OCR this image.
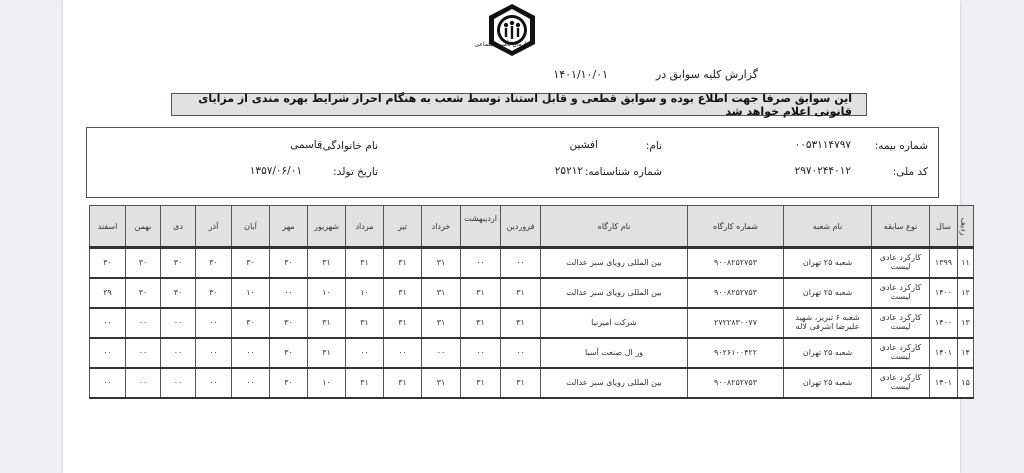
سازمان تأمین اجتماعی
گزارش کلیه سوابق در
۱۴۰۱/۱۰/۰۱
این سوابق صرفا جهت اطلاع بوده و سوابق قطعی و قابل استناد توسط شعب به هنگام احراز شرایط بهره مندی از مزایای قانونی اعلام خواهد شد
شماره بیمه:
۰۰۵۳۱۱۴۷۹۷
نام:
افشین
نام خانوادگی:
قاسمی
کد ملی:
۲۹۷۰۲۴۴۰۱۲
شماره شناسنامه:
۲۵۲۱۲
تاریخ تولد:
۱۳۵۷/۰۶/۰۱
ردیف	سال	نوع سابقه	نام شعبه	شماره کارگاه	نام کارگاه	فروردین	اردیبهشت	خرداد	تیر	مرداد	شهریور	مهر	آبان	آذر	دی	بهمن	اسفند
۱۱	۱۳۹۹	کارکرد عادی لیست	شعبه ۲۵ تهران	۹۰۰۸۲۵۲۷۵۳	بین المللی رویای سبز عدالت	۰۰	۰۰	۳۱	۳۱	۳۱	۳۱	۳۰	۳۰	۳۰	۳۰	۳۰	۳۰
۱۲	۱۴۰۰	کارکرد عادی لیست	شعبه ۲۵ تهران	۹۰۰۸۲۵۲۷۵۳	بین المللی رویای سبز عدالت	۳۱	۳۱	۳۱	۳۱	۱۰	۱۰	۰۰	۱۰	۳۰	۳۰	۳۰	۲۹
۱۳	۱۴۰۰	کارکرد عادی لیست	شعبه ۶ تبریز، شهید علیرضا اشرفی لاله	۲۷۲۲۸۳۰۰۷۷	شرکت امیرنیا	۳۱	۳۱	۳۱	۳۱	۳۱	۳۱	۳۰	۳۰	۰۰	۰۰	۰۰	۰۰
۱۴	۱۴۰۱	کارکرد عادی لیست	شعبه ۲۵ تهران	۹۰۲۶۱۰۰۴۲۲	ور ال صنعت آسیا	۰۰	۰۰	۰۰	۰۰	۰۰	۳۱	۳۰	۰۰	۰۰	۰۰	۰۰	۰۰
۱۵	۱۴۰۱	کارکرد عادی لیست	شعبه ۲۵ تهران	۹۰۰۸۲۵۲۷۵۳	بین المللی رویای سبز عدالت	۳۱	۳۱	۳۱	۳۱	۳۱	۱۰	۳۰	۰۰	۰۰	۰۰	۰۰	۰۰
